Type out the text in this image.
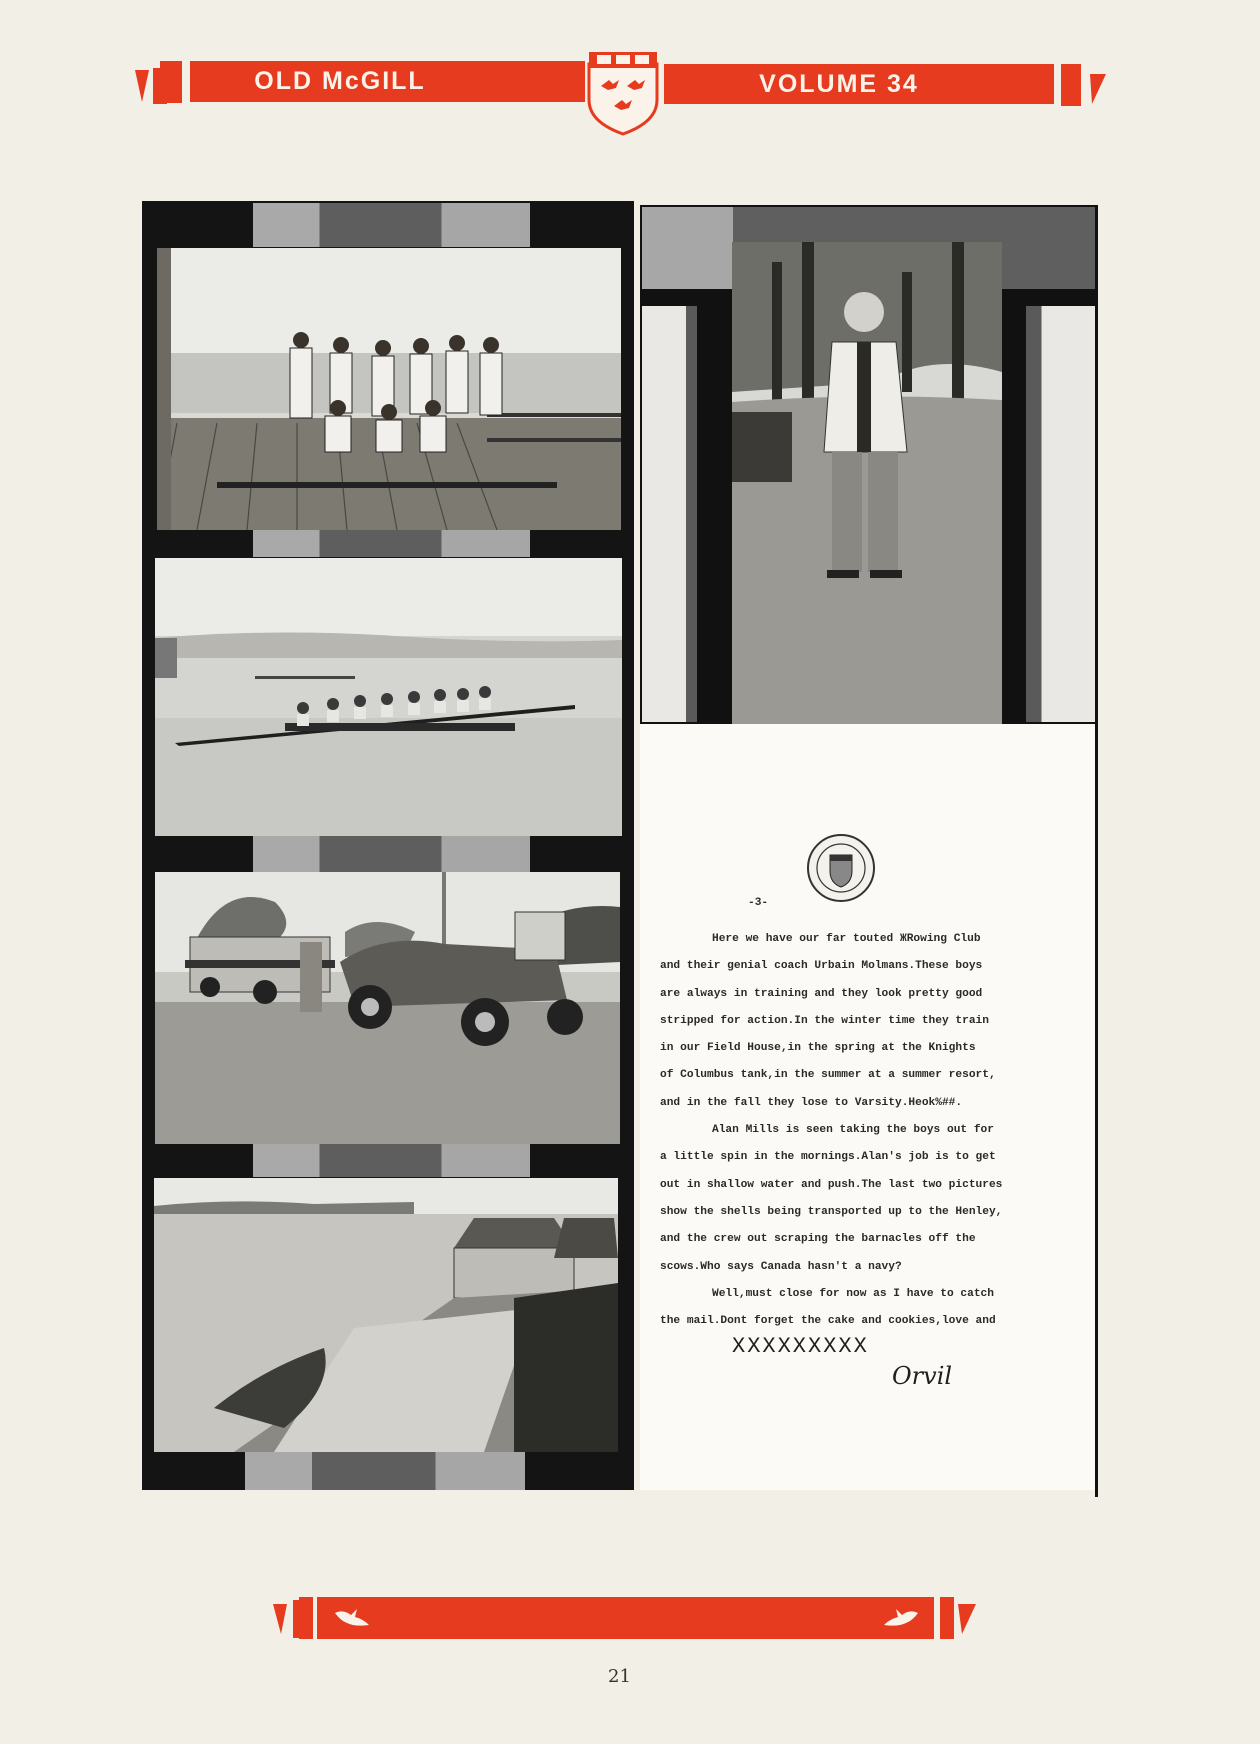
OLD McGILL	VOLUME 34
-3-
Here we have our far touted ЖRowing Club
and their genial coach Urbain Molmans.These boys
are always in training and they look pretty good
stripped for action.In the winter time they train
in our Field House,in the spring at the Knights
of Columbus tank,in the summer at a summer resort,
and in the fall they lose to Varsity.Heok%##.
Alan Mills is seen taking the boys out for
a little spin in the mornings.Alan's job is to get
out in shallow water and push.The last two pictures
show the shells being transported up to the Henley,
and the crew out scraping the barnacles off the
scows.Who says Canada hasn't a navy?
Well,must close for now as I have to catch
the mail.Dont forget the cake and cookies,love and
XXXXXXXXX
Orvil
21
